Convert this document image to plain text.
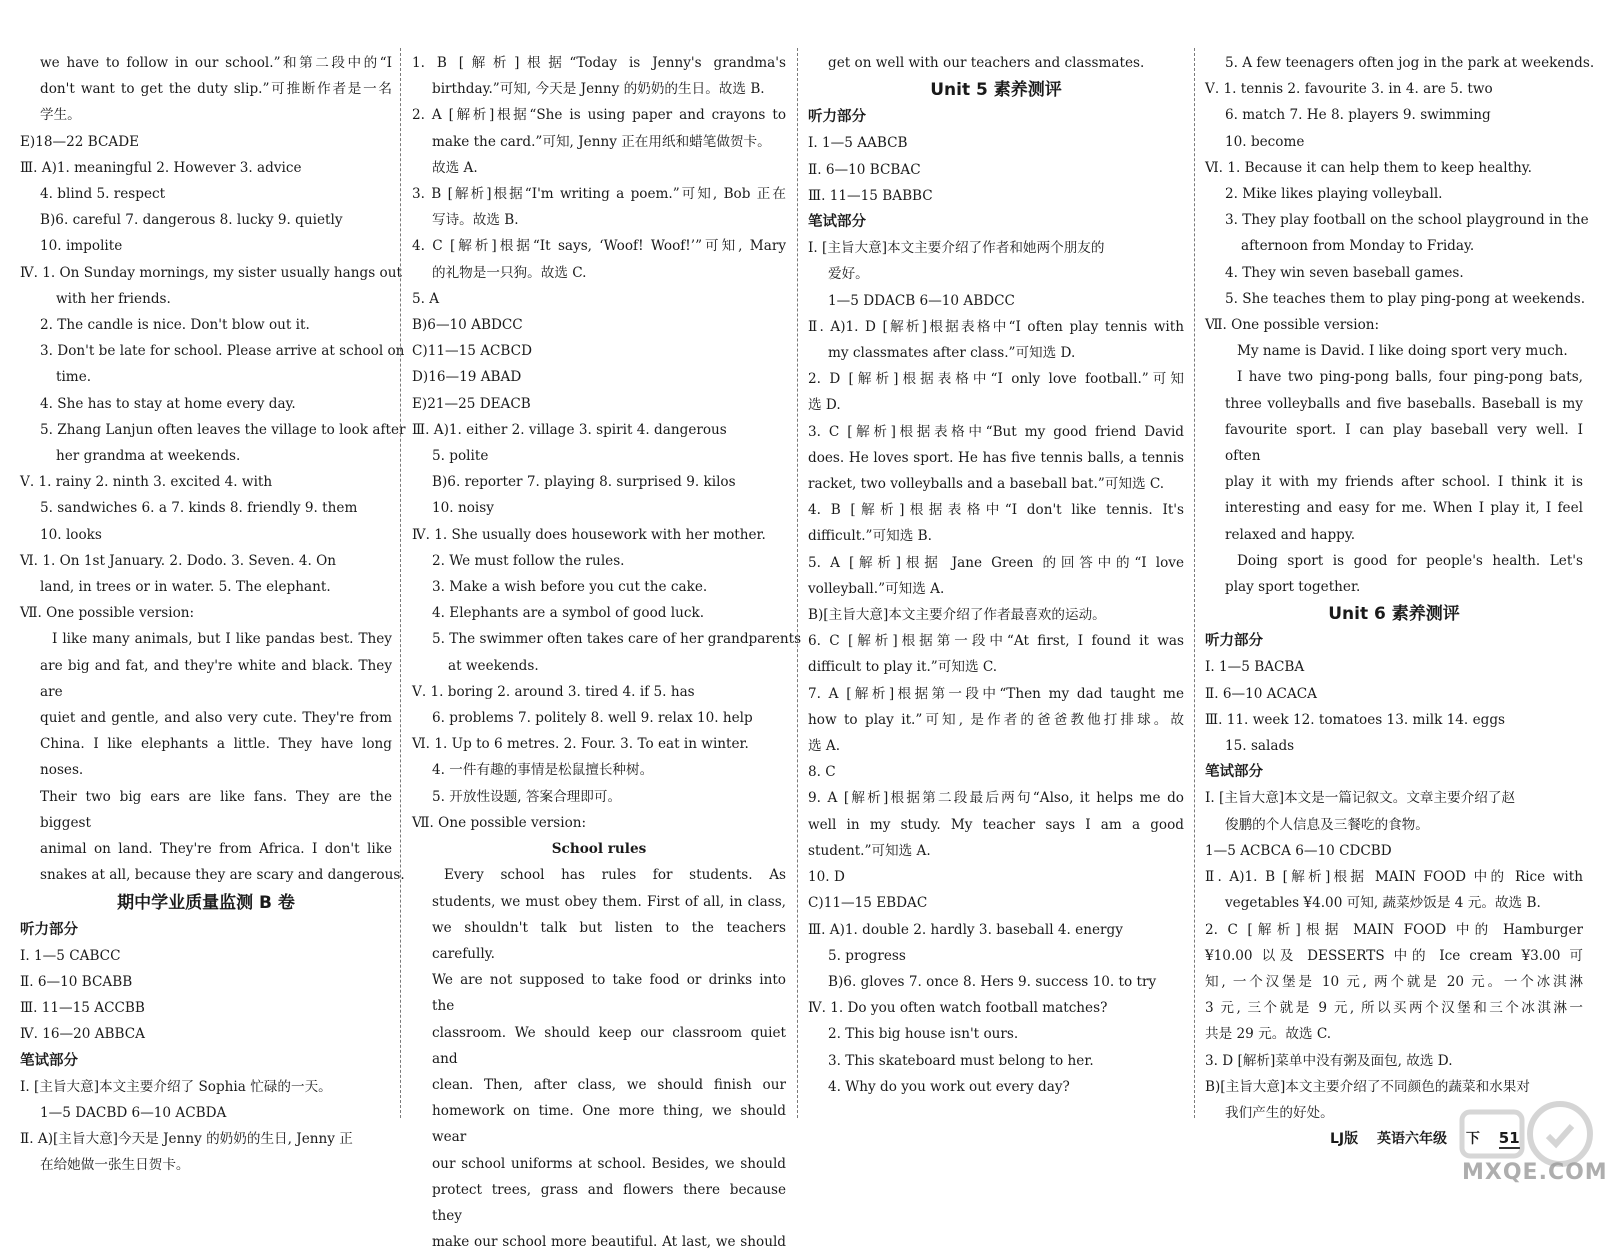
we have to follow in our school.”和第二段中的“I
don't want to get the duty slip.”可推断作者是一名
学生。
E)18—22 BCADE
Ⅲ. A)1. meaningful 2. However 3. advice
4. blind 5. respect
B)6. careful 7. dangerous 8. lucky 9. quietly
10. impolite
Ⅳ. 1. On Sunday mornings, my sister usually hangs out
with her friends.
2. The candle is nice. Don't blow out it.
3. Don't be late for school. Please arrive at school on
time.
4. She has to stay at home every day.
5. Zhang Lanjun often leaves the village to look after
her grandma at weekends.
Ⅴ. 1. rainy 2. ninth 3. excited 4. with
5. sandwiches 6. a 7. kinds 8. friendly 9. them
10. looks
Ⅵ. 1. On 1st January. 2. Dodo. 3. Seven. 4. On
land, in trees or in water. 5. The elephant.
Ⅶ. One possible version:
I like many animals, but I like pandas best. They
are big and fat, and they're white and black. They are
quiet and gentle, and also very cute. They're from
China. I like elephants a little. They have long noses.
Their two big ears are like fans. They are the biggest
animal on land. They're from Africa. I don't like
snakes at all, because they are scary and dangerous.
期中学业质量监测 B 卷
听力部分
Ⅰ. 1—5 CABCC
Ⅱ. 6—10 BCABB
Ⅲ. 11—15 ACCBB
Ⅳ. 16—20 ABBCA
笔试部分
Ⅰ. [主旨大意]本文主要介绍了 Sophia 忙碌的一天。
1—5 DACBD 6—10 ACBDA
Ⅱ. A)[主旨大意]今天是 Jenny 的奶奶的生日, Jenny 正
在给她做一张生日贺卡。
1. B [解析]根据“Today is Jenny's grandma's
birthday.”可知, 今天是 Jenny 的奶奶的生日。故选 B.
2. A [解析]根据“She is using paper and crayons to
make the card.”可知, Jenny 正在用纸和蜡笔做贺卡。
故选 A.
3. B [解析]根据“I'm writing a poem.”可知, Bob 正在
写诗。故选 B.
4. C [解析]根据“It says, ‘Woof! Woof!’”可知, Mary
的礼物是一只狗。故选 C.
5. A
B)6—10 ABDCC
C)11—15 ACBCD
D)16—19 ABAD
E)21—25 DEACB
Ⅲ. A)1. either 2. village 3. spirit 4. dangerous
5. polite
B)6. reporter 7. playing 8. surprised 9. kilos
10. noisy
Ⅳ. 1. She usually does housework with her mother.
2. We must follow the rules.
3. Make a wish before you cut the cake.
4. Elephants are a symbol of good luck.
5. The swimmer often takes care of her grandparents
at weekends.
Ⅴ. 1. boring 2. around 3. tired 4. if 5. has
6. problems 7. politely 8. well 9. relax 10. help
Ⅵ. 1. Up to 6 metres. 2. Four. 3. To eat in winter.
4. 一件有趣的事情是松鼠擅长种树。
5. 开放性设题, 答案合理即可。
Ⅶ. One possible version:
School rules
Every school has rules for students. As
students, we must obey them. First of all, in class,
we shouldn't talk but listen to the teachers carefully.
We are not supposed to take food or drinks into the
classroom. We should keep our classroom quiet and
clean. Then, after class, we should finish our
homework on time. One more thing, we should wear
our school uniforms at school. Besides, we should
protect trees, grass and flowers there because they
make our school more beautiful. At last, we should
get on well with our teachers and classmates.
Unit 5 素养测评
听力部分
Ⅰ. 1—5 AABCB
Ⅱ. 6—10 BCBAC
Ⅲ. 11—15 BABBC
笔试部分
Ⅰ. [主旨大意]本文主要介绍了作者和她两个朋友的
爱好。
1—5 DDACB 6—10 ABDCC
Ⅱ. A)1. D [解析]根据表格中“I often play tennis with
my classmates after class.”可知选 D.
2. D [解析]根据表格中“I only love football.”可知
选 D.
3. C [解析]根据表格中“But my good friend David
does. He loves sport. He has five tennis balls, a tennis
racket, two volleyballs and a baseball bat.”可知选 C.
4. B [解析]根据表格中“I don't like tennis. It's
difficult.”可知选 B.
5. A [解析]根据 Jane Green 的回答中的“I love
volleyball.”可知选 A.
B)[主旨大意]本文主要介绍了作者最喜欢的运动。
6. C [解析]根据第一段中“At first, I found it was
difficult to play it.”可知选 C.
7. A [解析]根据第一段中“Then my dad taught me
how to play it.”可知, 是作者的爸爸教他打排球。故
选 A.
8. C
9. A [解析]根据第二段最后两句“Also, it helps me do
well in my study. My teacher says I am a good
student.”可知选 A.
10. D
C)11—15 EBDAC
Ⅲ. A)1. double 2. hardly 3. baseball 4. energy
5. progress
B)6. gloves 7. once 8. Hers 9. success 10. to try
Ⅳ. 1. Do you often watch football matches?
2. This big house isn't ours.
3. This skateboard must belong to her.
4. Why do you work out every day?
5. A few teenagers often jog in the park at weekends.
Ⅴ. 1. tennis 2. favourite 3. in 4. are 5. two
6. match 7. He 8. players 9. swimming
10. become
Ⅵ. 1. Because it can help them to keep healthy.
2. Mike likes playing volleyball.
3. They play football on the school playground in the
afternoon from Monday to Friday.
4. They win seven baseball games.
5. She teaches them to play ping-pong at weekends.
Ⅶ. One possible version:
My name is David. I like doing sport very much.
I have two ping-pong balls, four ping-pong bats,
three volleyballs and five baseballs. Baseball is my
favourite sport. I can play baseball very well. I often
play it with my friends after school. I think it is
interesting and easy for me. When I play it, I feel
relaxed and happy.
Doing sport is good for people's health. Let's
play sport together.
Unit 6 素养测评
听力部分
Ⅰ. 1—5 BACBA
Ⅱ. 6—10 ACACA
Ⅲ. 11. week 12. tomatoes 13. milk 14. eggs
15. salads
笔试部分
Ⅰ. [主旨大意]本文是一篇记叙文。文章主要介绍了赵
俊鹏的个人信息及三餐吃的食物。
1—5 ACBCA 6—10 CDCBD
Ⅱ. A)1. B [解析]根据 MAIN FOOD 中的 Rice with
vegetables ¥4.00 可知, 蔬菜炒饭是 4 元。故选 B.
2. C [解析]根据 MAIN FOOD 中的 Hamburger
¥10.00 以及 DESSERTS 中的 Ice cream ¥3.00 可
知, 一个汉堡是 10 元, 两个就是 20 元。一个冰淇淋
3 元, 三个就是 9 元, 所以买两个汉堡和三个冰淇淋一
共是 29 元。故选 C.
3. D [解析]菜单中没有粥及面包, 故选 D.
B)[主旨大意]本文主要介绍了不同颜色的蔬菜和水果对
我们产生的好处。
LJ版 英语六年级 下 51
MXQE.COM
